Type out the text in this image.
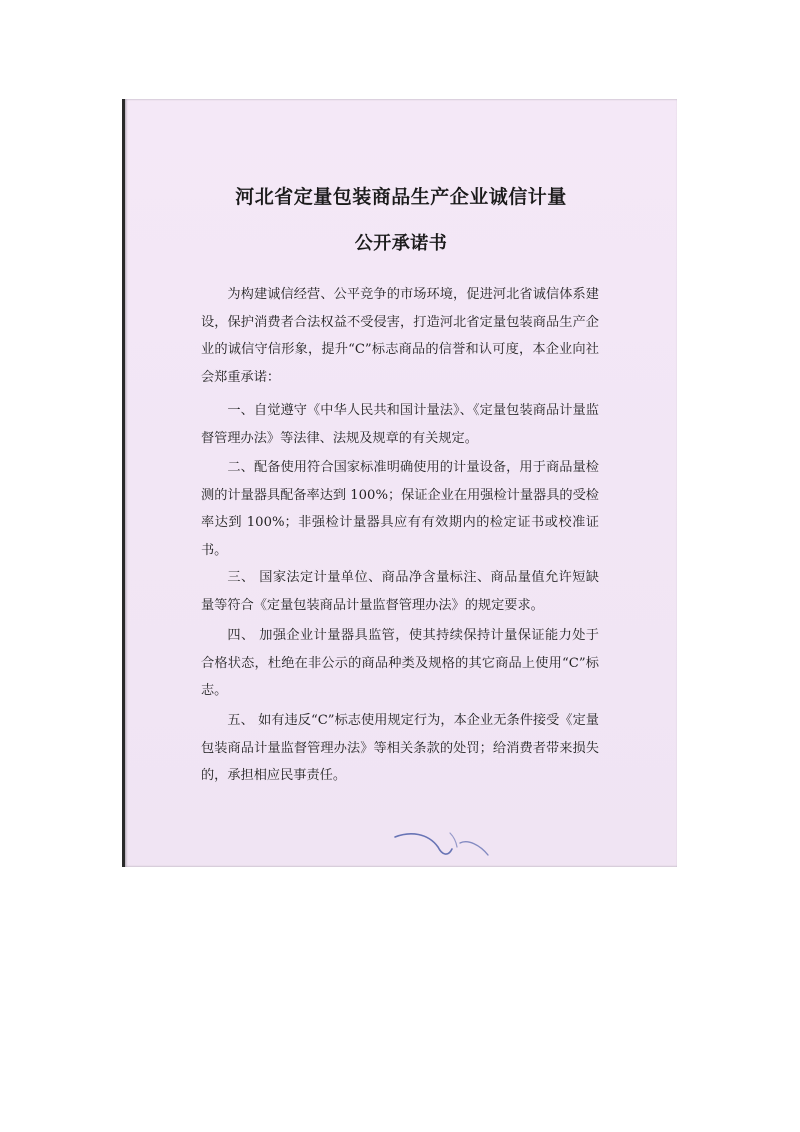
河北省定量包装商品生产企业诚信计量
公开承诺书

为构建诚信经营、公平竞争的市场环境，促进河北省诚信体系建设，保护消费者合法权益不受侵害，打造河北省定量包装商品生产企业的诚信守信形象，提升“C”标志商品的信誉和认可度，本企业向社会郑重承诺：

一、自觉遵守《中华人民共和国计量法》、《定量包装商品计量监督管理办法》等法律、法规及规章的有关规定。

二、配备使用符合国家标准明确使用的计量设备，用于商品量检测的计量器具配备率达到 100%；保证企业在用强检计量器具的受检率达到 100%；非强检计量器具应有有效期内的检定证书或校准证书。

三、 国家法定计量单位、商品净含量标注、商品量值允许短缺量等符合《定量包装商品计量监督管理办法》的规定要求。

四、 加强企业计量器具监管，使其持续保持计量保证能力处于合格状态，杜绝在非公示的商品种类及规格的其它商品上使用“C”标志。

五、 如有违反“C”标志使用规定行为，本企业无条件接受《定量包装商品计量监督管理办法》等相关条款的处罚；给消费者带来损失的，承担相应民事责任。
